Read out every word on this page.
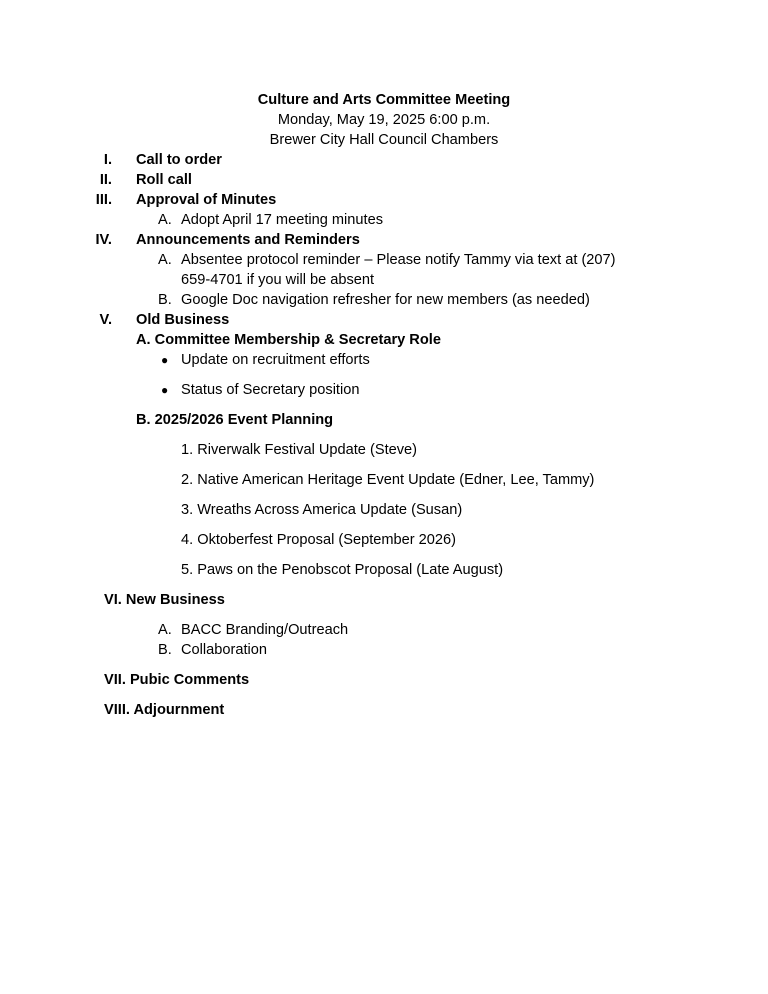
Culture and Arts Committee Meeting
Monday, May 19, 2025 6:00 p.m.
Brewer City Hall Council Chambers
I. Call to order
II. Roll call
III. Approval of Minutes
A. Adopt April 17 meeting minutes
IV. Announcements and Reminders
A. Absentee protocol reminder – Please notify Tammy via text at (207)
659-4701 if you will be absent
B. Google Doc navigation refresher for new members (as needed)
V. Old Business
A. Committee Membership & Secretary Role
● Update on recruitment efforts
● Status of Secretary position
B. 2025/2026 Event Planning
1. Riverwalk Festival Update (Steve)
2. Native American Heritage Event Update (Edner, Lee, Tammy)
3. Wreaths Across America Update (Susan)
4. Oktoberfest Proposal (September 2026)
5. Paws on the Penobscot Proposal (Late August)
VI. New Business
A. BACC Branding/Outreach
B. Collaboration
VII. Pubic Comments
VIII. Adjournment
